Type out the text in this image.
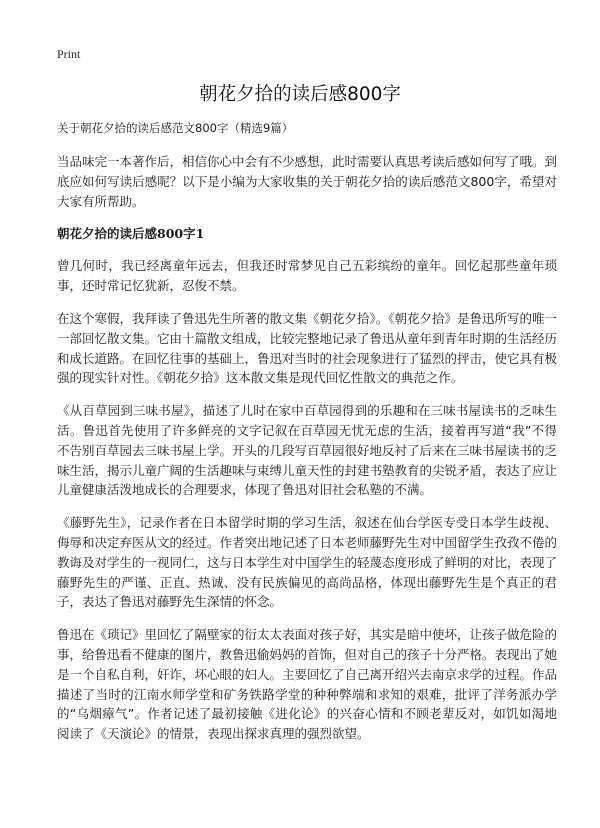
Print
朝花夕拾的读后感800字
关于朝花夕拾的读后感范文800字（精选9篇）

当品味完一本著作后，相信你心中会有不少感想，此时需要认真思考读后感如何写了哦。到底应如何写读后感呢？以下是小编为大家收集的关于朝花夕拾的读后感范文800字，希望对大家有所帮助。

朝花夕拾的读后感800字1

曾几何时，我已经离童年远去，但我还时常梦见自己五彩缤纷的童年。回忆起那些童年琐事，还时常记忆犹新，忍俊不禁。

在这个寒假，我拜读了鲁迅先生所著的散文集《朝花夕拾》。《朝花夕拾》是鲁迅所写的唯一一部回忆散文集。它由十篇散文组成，比较完整地记录了鲁迅从童年到青年时期的生活经历和成长道路。在回忆往事的基础上，鲁迅对当时的社会现象进行了猛烈的抨击，使它具有极强的现实针对性。《朝花夕拾》这本散文集是现代回忆性散文的典范之作。

《从百草园到三味书屋》，描述了儿时在家中百草园得到的乐趣和在三味书屋读书的乏味生活。鲁迅首先使用了许多鲜亮的文字记叙在百草园无忧无虑的生活，接着再写道“我”不得不告别百草园去三味书屋上学。开头的几段写百草园很好地反衬了后来在三味书屋读书的乏味生活，揭示儿童广阔的生活趣味与束缚儿童天性的封建书塾教育的尖锐矛盾，表达了应让儿童健康活泼地成长的合理要求，体现了鲁迅对旧社会私塾的不满。

《藤野先生》，记录作者在日本留学时期的学习生活，叙述在仙台学医专受日本学生歧视、侮辱和决定弃医从文的经过。作者突出地记述了日本老师藤野先生对中国留学生孜孜不倦的教诲及对学生的一视同仁，这与日本学生对中国学生的轻蔑态度形成了鲜明的对比，表现了藤野先生的严谨、正直、热诚、没有民族偏见的高尚品格，体现出藤野先生是个真正的君子，表达了鲁迅对藤野先生深情的怀念。

鲁迅在《琐记》里回忆了隔壁家的衍太太表面对孩子好，其实是暗中使坏，让孩子做危险的事，给鲁迅看不健康的图片，教鲁迅偷妈妈的首饰，但对自己的孩子十分严格。表现出了她是一个自私自利，奸诈，坏心眼的妇人。主要回忆了自己离开绍兴去南京求学的过程。作品描述了当时的江南水师学堂和矿务铁路学堂的种种弊端和求知的艰难，批评了洋务派办学的“乌烟瘴气”。作者记述了最初接触《进化论》的兴奋心情和不顾老辈反对，如饥如渴地阅读了《天演论》的情景，表现出探求真理的强烈欲望。
